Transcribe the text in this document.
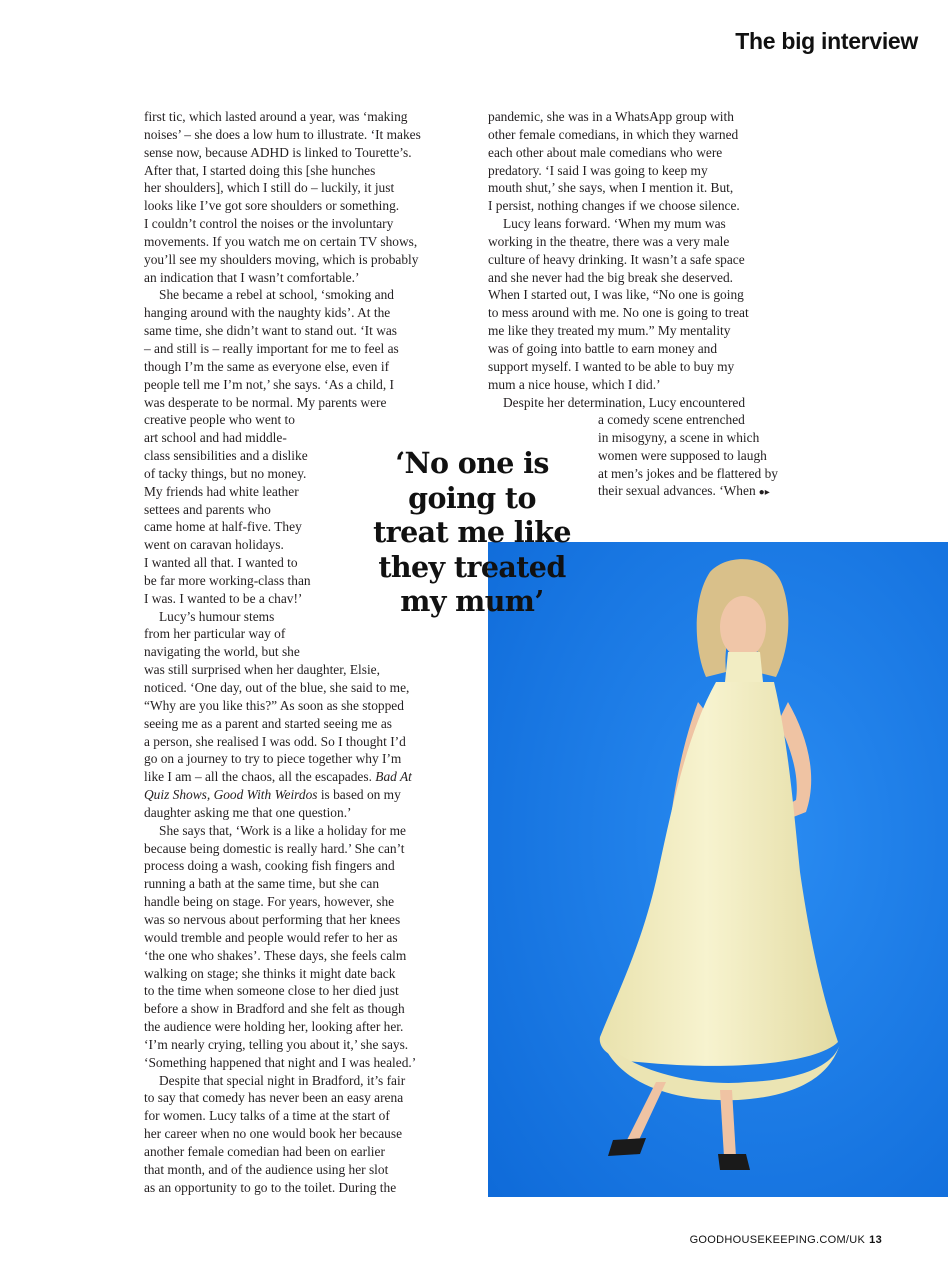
The big interview
first tic, which lasted around a year, was ‘making
noises’ – she does a low hum to illustrate. ‘It makes
sense now, because ADHD is linked to Tourette’s.
After that, I started doing this [she hunches
her shoulders], which I still do – luckily, it just
looks like I’ve got sore shoulders or something.
I couldn’t control the noises or the involuntary
movements. If you watch me on certain TV shows,
you’ll see my shoulders moving, which is probably
an indication that I wasn’t comfortable.’
She became a rebel at school, ‘smoking and
hanging around with the naughty kids’. At the
same time, she didn’t want to stand out. ‘It was
– and still is – really important for me to feel as
though I’m the same as everyone else, even if
people tell me I’m not,’ she says. ‘As a child, I
was desperate to be normal. My parents were
creative people who went to
art school and had middle-
class sensibilities and a dislike
of tacky things, but no money.
My friends had white leather
settees and parents who
came home at half-five. They
went on caravan holidays.
I wanted all that. I wanted to
be far more working-class than
I was. I wanted to be a chav!’
Lucy’s humour stems
from her particular way of
navigating the world, but she
was still surprised when her daughter, Elsie,
noticed. ‘One day, out of the blue, she said to me,
“Why are you like this?” As soon as she stopped
seeing me as a parent and started seeing me as
a person, she realised I was odd. So I thought I’d
go on a journey to try to piece together why I’m
like I am – all the chaos, all the escapades. Bad At
Quiz Shows, Good With Weirdos is based on my
daughter asking me that one question.’
She says that, ‘Work is a like a holiday for me
because being domestic is really hard.’ She can’t
process doing a wash, cooking fish fingers and
running a bath at the same time, but she can
handle being on stage. For years, however, she
was so nervous about performing that her knees
would tremble and people would refer to her as
‘the one who shakes’. These days, she feels calm
walking on stage; she thinks it might date back
to the time when someone close to her died just
before a show in Bradford and she felt as though
the audience were holding her, looking after her.
‘I’m nearly crying, telling you about it,’ she says.
‘Something happened that night and I was healed.’
Despite that special night in Bradford, it’s fair
to say that comedy has never been an easy arena
for women. Lucy talks of a time at the start of
her career when no one would book her because
another female comedian had been on earlier
that month, and of the audience using her slot
as an opportunity to go to the toilet. During the
pandemic, she was in a WhatsApp group with
other female comedians, in which they warned
each other about male comedians who were
predatory. ‘I said I was going to keep my
mouth shut,’ she says, when I mention it. But,
I persist, nothing changes if we choose silence.
Lucy leans forward. ‘When my mum was
working in the theatre, there was a very male
culture of heavy drinking. It wasn’t a safe space
and she never had the big break she deserved.
When I started out, I was like, “No one is going
to mess around with me. No one is going to treat
me like they treated my mum.” My mentality
was of going into battle to earn money and
support myself. I wanted to be able to buy my
mum a nice house, which I did.’
Despite her determination, Lucy encountered
a comedy scene entrenched
in misogyny, a scene in which
women were supposed to laugh
at men’s jokes and be flattered by
their sexual advances. ‘When ●▸
‘No one is
going to
treat me like
they treated
my mum’
GOODHOUSEKEEPING.COM/UK 13
